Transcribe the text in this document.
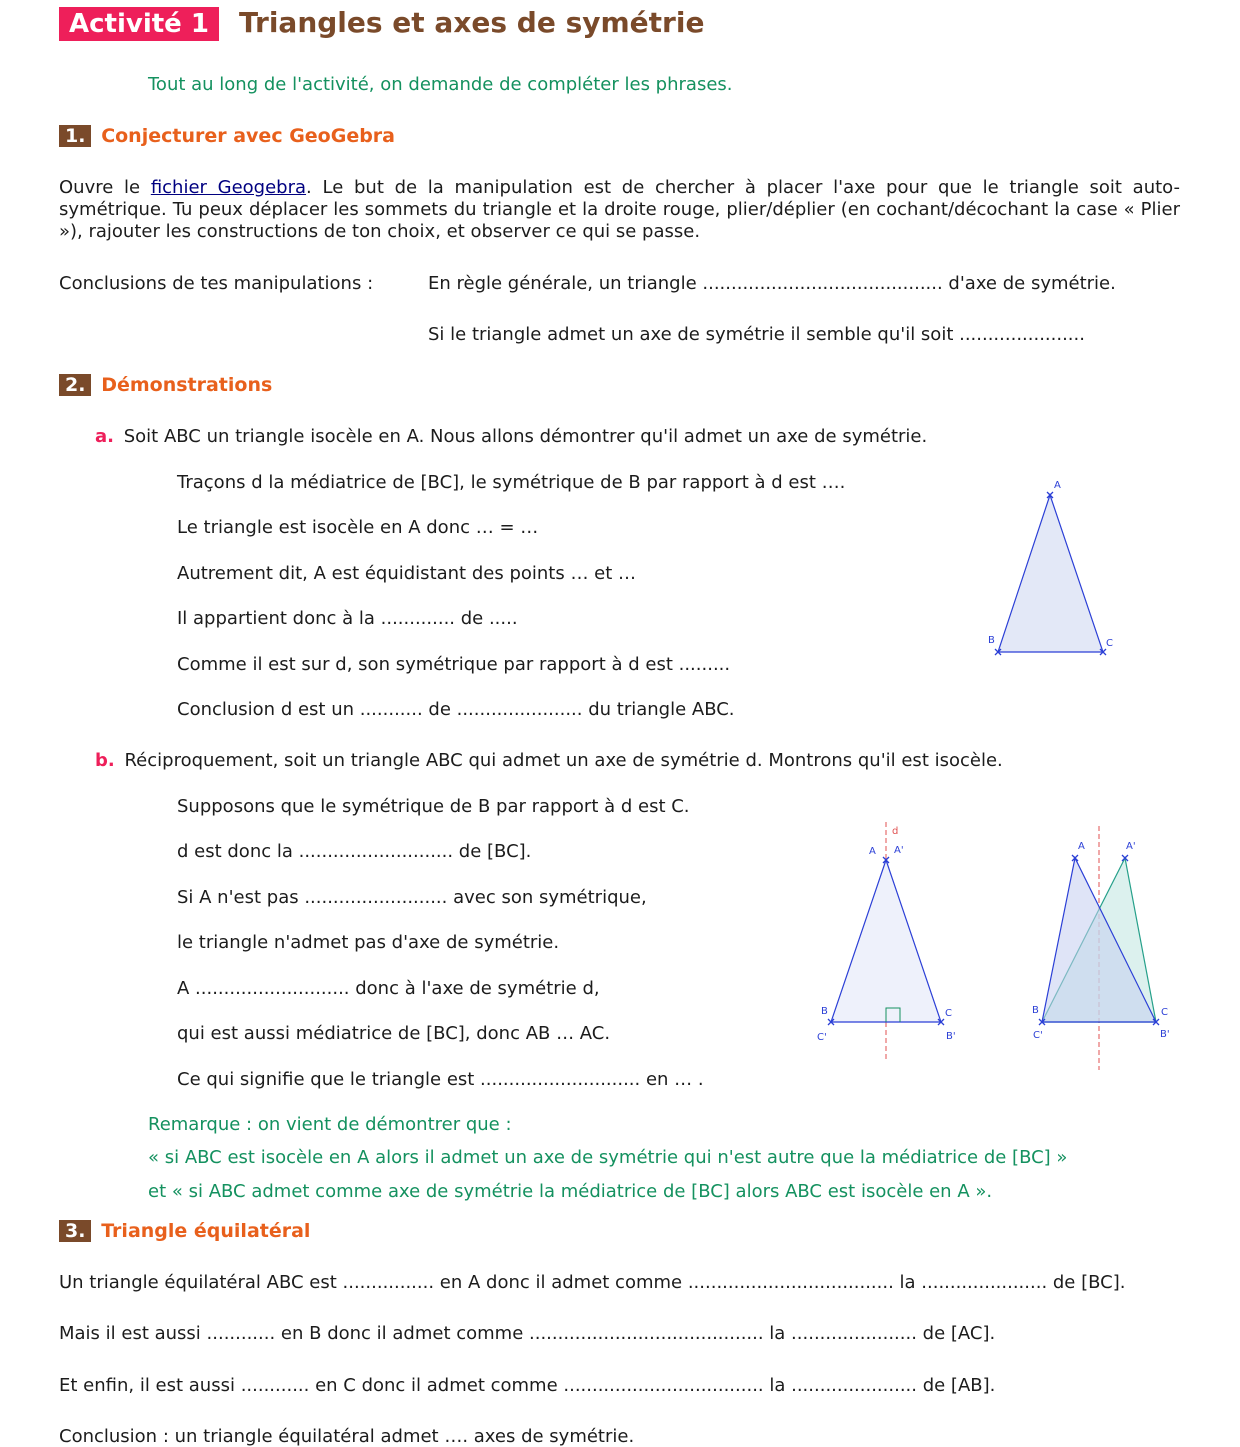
Activité 1	Triangles et axes de symétrie
Tout au long de l'activité, on demande de compléter les phrases.
1. Conjecturer avec GeoGebra
Ouvre le fichier Geogebra. Le but de la manipulation est de chercher à placer l'axe pour que le triangle soit auto-symétrique. Tu peux déplacer les sommets du triangle et la droite rouge, plier/déplier (en cochant/décochant la case « Plier »), rajouter les constructions de ton choix, et observer ce qui se passe.
Conclusions de tes manipulations :	En règle générale, un triangle .......................................... d'axe de symétrie.
Si le triangle admet un axe de symétrie il semble qu'il soit ......................
2. Démonstrations
a. Soit ABC un triangle isocèle en A. Nous allons démontrer qu'il admet un axe de symétrie.
Traçons d la médiatrice de [BC], le symétrique de B par rapport à d est ….
Le triangle est isocèle en A donc … = …
Autrement dit, A est équidistant des points … et …
Il appartient donc à la ............. de .....
Comme il est sur d, son symétrique par rapport à d est .........
Conclusion d est un ........... de ...................... du triangle ABC.
A
B	C
b. Réciproquement, soit un triangle ABC qui admet un axe de symétrie d. Montrons qu'il est isocèle.
Supposons que le symétrique de B par rapport à d est C.
d est donc la ........................... de [BC].
Si A n'est pas ......................... avec son symétrique,
le triangle n'admet pas d'axe de symétrie.
A ........................... donc à l'axe de symétrie d,
qui est aussi médiatrice de [BC], donc AB … AC.
Ce qui signifie que le triangle est ............................ en … .
d
A A'
B	C
C'	B'
A	A'
B	C
C'	B'
Remarque : on vient de démontrer que :
« si ABC est isocèle en A alors il admet un axe de symétrie qui n'est autre que la médiatrice de [BC] »
et « si ABC admet comme axe de symétrie la médiatrice de [BC] alors ABC est isocèle en A ».
3. Triangle équilatéral
Un triangle équilatéral ABC est ................ en A donc il admet comme .................................... la ...................... de [BC].
Mais il est aussi ............ en B donc il admet comme ......................................... la ...................... de [AC].
Et enfin, il est aussi ............ en C donc il admet comme ................................... la ...................... de [AB].
Conclusion : un triangle équilatéral admet …. axes de symétrie.
